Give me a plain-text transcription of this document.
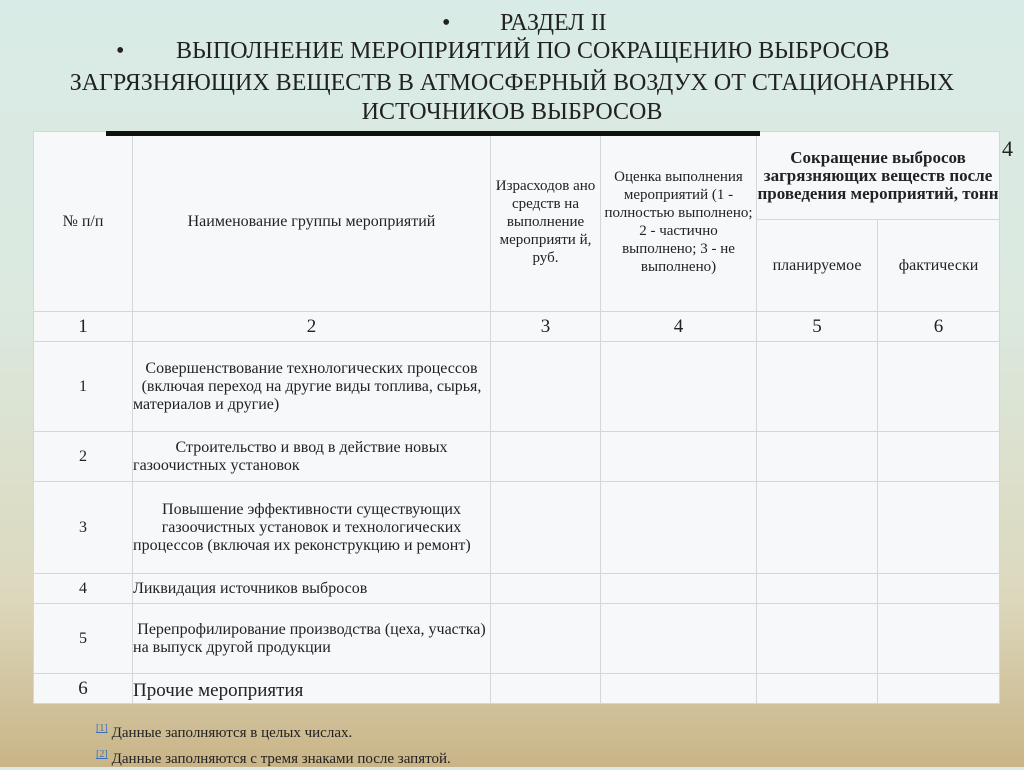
• РАЗДЕЛ II
• ВЫПОЛНЕНИЕ МЕРОПРИЯТИЙ ПО СОКРАЩЕНИЮ ВЫБРОСОВ
ЗАГРЯЗНЯЮЩИХ ВЕЩЕСТВ В АТМОСФЕРНЫЙ ВОЗДУХ ОТ СТАЦИОНАРНЫХ
ИСТОЧНИКОВ ВЫБРОСОВ
4
№ п/п	Наименование группы мероприятий	Израсходов ано средств на выполнение мероприяти й, руб.	Оценка выполнения мероприятий (1 - полностью выполнено; 2 - частично выполнено; 3 - не выполнено)	Сокращение выбросов загрязняющих веществ после проведения мероприятий, тонн	
				планируемое	фактически
1	2	3	4	5	6
1	Совершенствование технологических процессов (включая переход на другие виды топлива, сырья, материалов и другие)				
2	Строительство и ввод в действие новых газоочистных установок				
3	Повышение эффективности существующих газоочистных установок и технологических процессов (включая их реконструкцию и ремонт)				
4	Ликвидация источников выбросов				
5	Перепрофилирование производства (цеха, участка) на выпуск другой продукции				
6	Прочие мероприятия				
[1] Данные заполняются в целых числах.
[2] Данные заполняются с тремя знаками после запятой.
